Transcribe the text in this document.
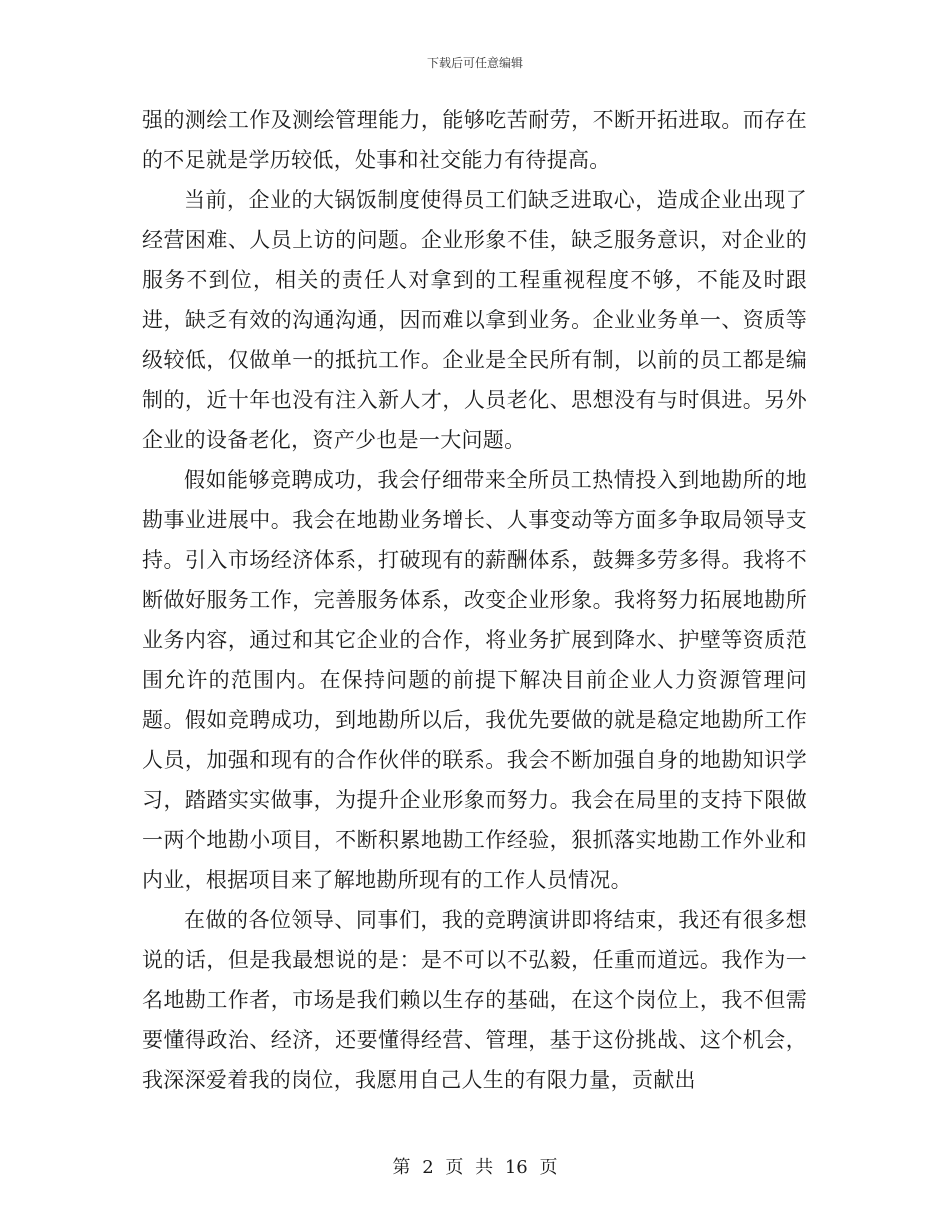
下载后可任意编辑

强的测绘工作及测绘管理能力，能够吃苦耐劳，不断开拓进取。而存在的不足就是学历较低，处事和社交能力有待提高。

当前，企业的大锅饭制度使得员工们缺乏进取心，造成企业出现了经营困难、人员上访的问题。企业形象不佳，缺乏服务意识，对企业的服务不到位，相关的责任人对拿到的工程重视程度不够，不能及时跟进，缺乏有效的沟通沟通，因而难以拿到业务。企业业务单一、资质等级较低，仅做单一的抵抗工作。企业是全民所有制，以前的员工都是编制的，近十年也没有注入新人才，人员老化、思想没有与时俱进。另外企业的设备老化，资产少也是一大问题。

假如能够竞聘成功，我会仔细带来全所员工热情投入到地勘所的地勘事业进展中。我会在地勘业务增长、人事变动等方面多争取局领导支持。引入市场经济体系，打破现有的薪酬体系，鼓舞多劳多得。我将不断做好服务工作，完善服务体系，改变企业形象。我将努力拓展地勘所业务内容，通过和其它企业的合作，将业务扩展到降水、护壁等资质范围允许的范围内。在保持问题的前提下解决目前企业人力资源管理问题。假如竞聘成功，到地勘所以后，我优先要做的就是稳定地勘所工作人员，加强和现有的合作伙伴的联系。我会不断加强自身的地勘知识学习，踏踏实实做事，为提升企业形象而努力。我会在局里的支持下限做一两个地勘小项目，不断积累地勘工作经验，狠抓落实地勘工作外业和内业，根据项目来了解地勘所现有的工作人员情况。

在做的各位领导、同事们，我的竞聘演讲即将结束，我还有很多想说的话，但是我最想说的是：是不可以不弘毅，任重而道远。我作为一名地勘工作者，市场是我们赖以生存的基础，在这个岗位上，我不但需要懂得政治、经济，还要懂得经营、管理，基于这份挑战、这个机会，我深深爱着我的岗位，我愿用自己人生的有限力量，贡献出

第 2 页 共 16 页
